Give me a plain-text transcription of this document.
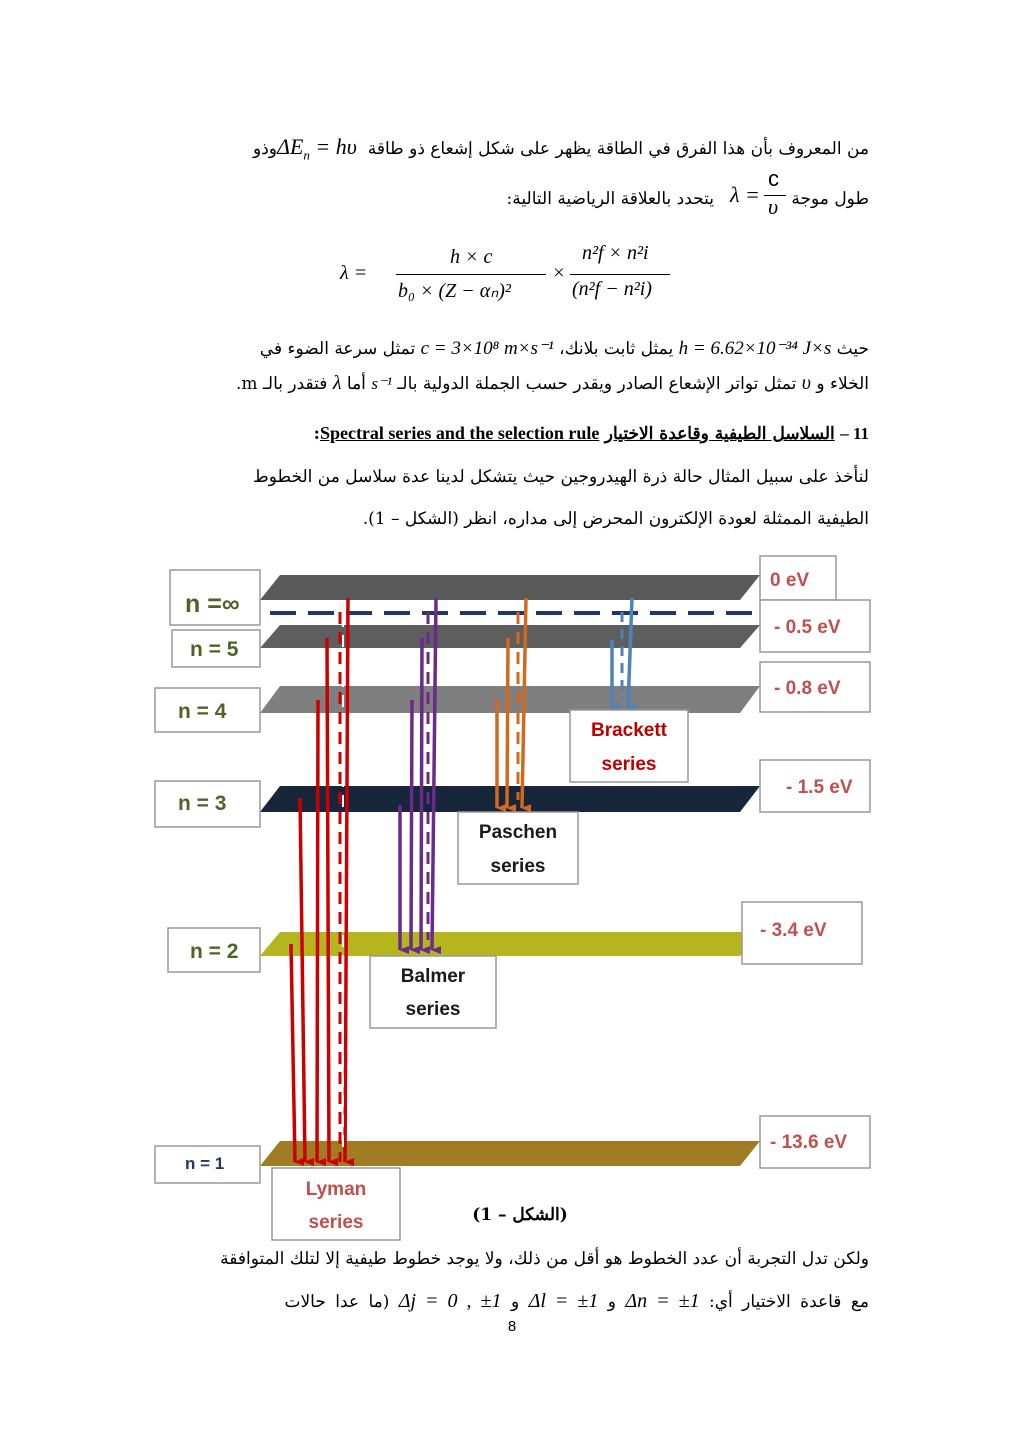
من المعروف بأن هذا الفرق في الطاقة يظهر على شكل إشعاع ذو طاقة $\Delta E_n = h\upsilon$ وذو
طول موجة
λ =
c
υ
يتحدد بالعلاقة الرياضية التالية:
λ =
h × c
b₀ × (Z − αₙ)²
×
n²f × n²i
(n²f − n²i)
حيث h = 6.62×10⁻³⁴ J×s يمثل ثابت بلانك، c = 3×10⁸ m×s⁻¹ تمثل سرعة الضوء في
الخلاء و υ تمثل تواتر الإشعاع الصادر ويقدر حسب الجملة الدولية بالـ s⁻¹ أما λ فتقدر بالـ m.
11 – السلاسل الطيفية وقاعدة الاختيار Spectral series and the selection rule:
لنأخذ على سبيل المثال حالة ذرة الهيدروجين حيث يتشكل لدينا عدة سلاسل من الخطوط
الطيفية الممثلة لعودة الإلكترون المحرض إلى مداره، انظر (الشكل – 1).
n =∞
n = 5
n = 4
n = 3
n = 2
n = 1
0 eV
- 0.5 eV
- 0.8 eV
- 1.5 eV
- 3.4 eV
- 13.6 eV
Lyman
series
Balmer
series
Paschen
series
Brackett
series
(الشكل – 1)
ولكن تدل التجربة أن عدد الخطوط هو أقل من ذلك، ولا يوجد خطوط طيفية إلا لتلك المتوافقة
مع قاعدة الاختيار أي: Δn = ±1 و Δl = ±1 و Δj = 0 , ±1 (ما عدا حالات
8
